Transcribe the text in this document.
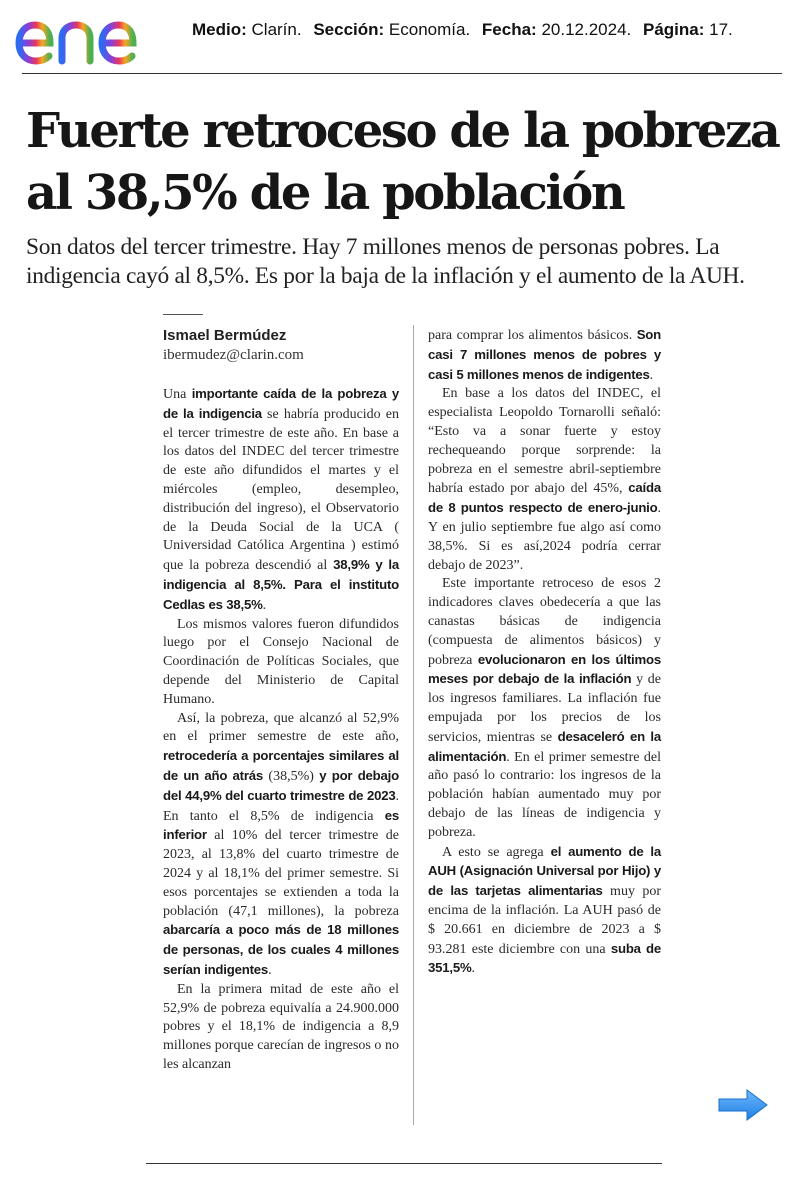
Medio: Clarín. Sección: Economía. Fecha: 20.12.2024. Página: 17.
Fuerte retroceso de la pobreza al 38,5% de la población

Son datos del tercer trimestre. Hay 7 millones menos de personas pobres. La indigencia cayó al 8,5%. Es por la baja de la inflación y el aumento de la AUH.

Ismael Bermúdez
ibermudez@clarin.com

Una importante caída de la pobreza y de la indigencia se habría producido en el tercer trimestre de este año. En base a los datos del INDEC del tercer trimestre de este año difundidos el martes y el miércoles (empleo, desempleo, distribución del ingreso), el Observatorio de la Deuda Social de la UCA ( Universidad Católica Argentina ) estimó que la pobreza descendió al 38,9% y la indigencia al 8,5%. Para el instituto Cedlas es 38,5%.

Los mismos valores fueron difundidos luego por el Consejo Nacional de Coordinación de Políticas Sociales, que depende del Ministerio de Capital Humano.

Así, la pobreza, que alcanzó al 52,9% en el primer semestre de este año, retrocedería a porcentajes similares al de un año atrás (38,5%) y por debajo del 44,9% del cuarto trimestre de 2023. En tanto el 8,5% de indigencia es inferior al 10% del tercer trimestre de 2023, al 13,8% del cuarto trimestre de 2024 y al 18,1% del primer semestre. Si esos porcentajes se extienden a toda la población (47,1 millones), la pobreza abarcaría a poco más de 18 millones de personas, de los cuales 4 millones serían indigentes.

En la primera mitad de este año el 52,9% de pobreza equivalía a 24.900.000 pobres y el 18,1% de indigencia a 8,9 millones porque carecían de ingresos o no les alcanzan

para comprar los alimentos básicos. Son casi 7 millones menos de pobres y casi 5 millones menos de indigentes.

En base a los datos del INDEC, el especialista Leopoldo Tornarolli señaló: “Esto va a sonar fuerte y estoy rechequeando porque sorprende: la pobreza en el semestre abril-septiembre habría estado por abajo del 45%, caída de 8 puntos respecto de enero-junio. Y en julio septiembre fue algo así como 38,5%. Si es así,2024 podría cerrar debajo de 2023”.

Este importante retroceso de esos 2 indicadores claves obedecería a que las canastas básicas de indigencia (compuesta de alimentos básicos) y pobreza evolucionaron en los últimos meses por debajo de la inflación y de los ingresos familiares. La inflación fue empujada por los precios de los servicios, mientras se desaceleró en la alimentación. En el primer semestre del año pasó lo contrario: los ingresos de la población habían aumentado muy por debajo de las líneas de indigencia y pobreza.

A esto se agrega el aumento de la AUH (Asignación Universal por Hijo) y de las tarjetas alimentarias muy por encima de la inflación. La AUH pasó de $ 20.661 en diciembre de 2023 a $ 93.281 este diciembre con una suba de 351,5%.
